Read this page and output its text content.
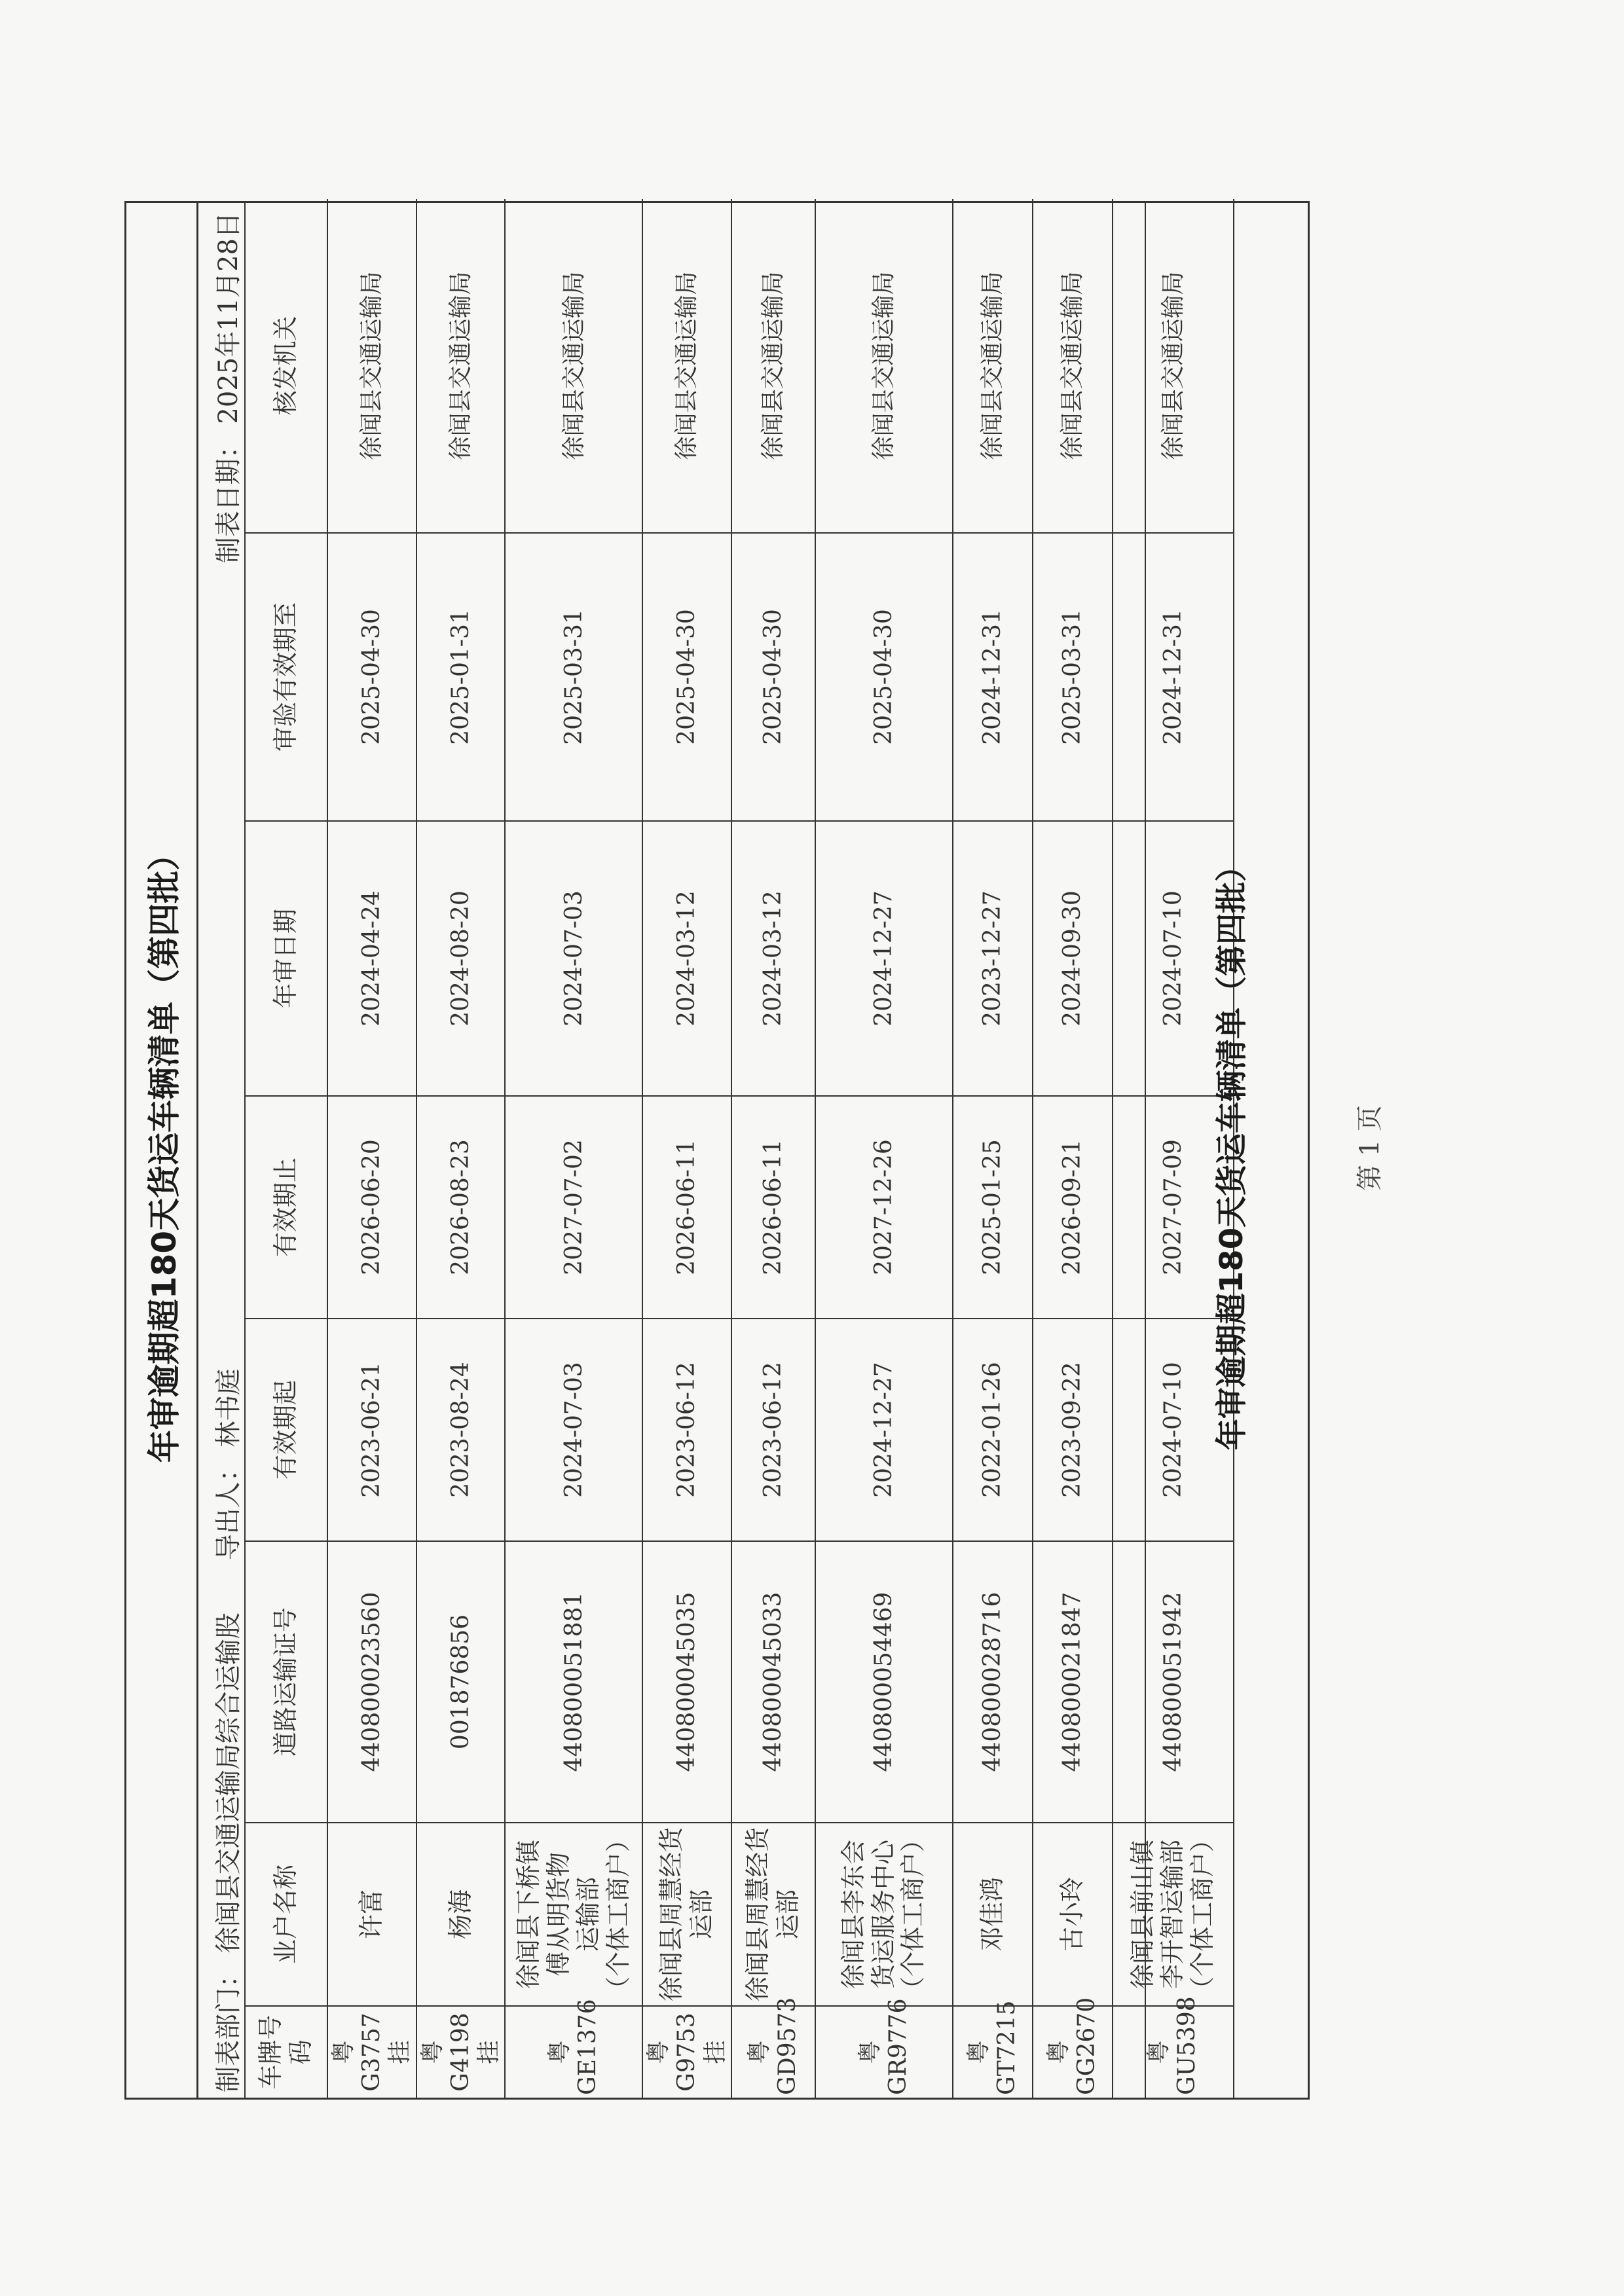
年审逾期超180天货运车辆清单（第四批）
制表部门： 徐闻县交通运输局综合运输股导出人： 林书庭
制表日期： 2025年11月28日
车牌号码	业户名称	道路运输证号	有效期起	有效期止	年审日期	审验有效期至	核发机关
粤G3757挂	许富	440800023560	2023-06-21	2026-06-20	2024-04-24	2025-04-30	徐闻县交通运输局
粤G4198挂	杨海	001876856	2023-08-24	2026-08-23	2024-08-20	2025-01-31	徐闻县交通运输局
粤GE1376	徐闻县下桥镇 傅从明货物 运输部 （个体工商户）	440800051881	2024-07-03	2027-07-02	2024-07-03	2025-03-31	徐闻县交通运输局
粤G9753挂	徐闻县周慧经货运部	440800045035	2023-06-12	2026-06-11	2024-03-12	2025-04-30	徐闻县交通运输局
粤GD9573	徐闻县周慧经货运部	440800045033	2023-06-12	2026-06-11	2024-03-12	2025-04-30	徐闻县交通运输局
粤GR9776	徐闻县李东会 货运服务中心 （个体工商户）	440800054469	2024-12-27	2027-12-26	2024-12-27	2025-04-30	徐闻县交通运输局
粤GT7215	邓佳鸿	440800028716	2022-01-26	2025-01-25	2023-12-27	2024-12-31	徐闻县交通运输局
粤GG2670	古小玲	440800021847	2023-09-22	2026-09-21	2024-09-30	2025-03-31	徐闻县交通运输局
粤GU5398	徐闻县前山镇 李开智运输部 （个体工商户）	440800051942	2024-07-10	2027-07-09	2024-07-10	2024-12-31	徐闻县交通运输局
年审逾期超180天货运车辆清单（第四批）	第 1 页
